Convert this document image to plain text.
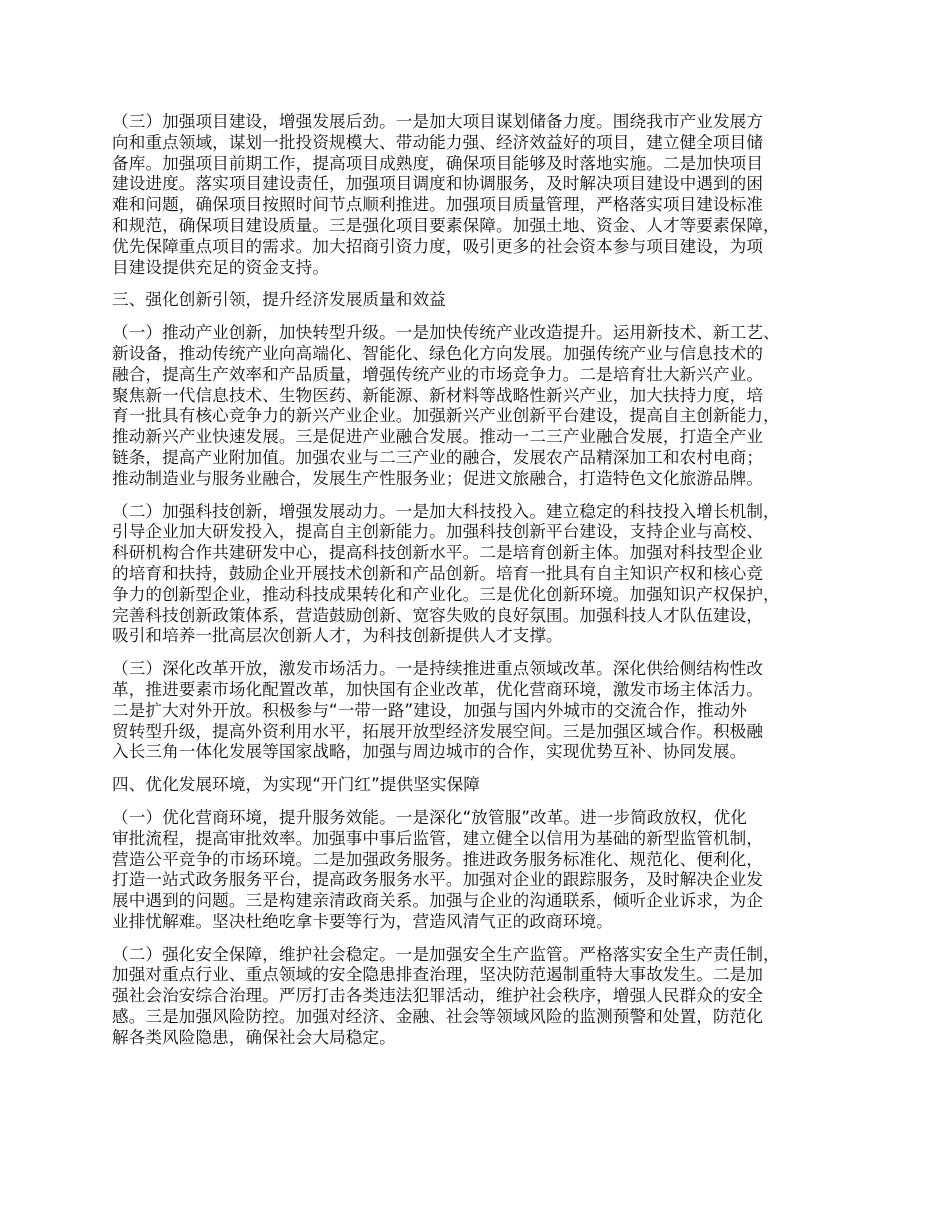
（三）加强项目建设，增强发展后劲。一是加大项目谋划储备力度。围绕我市产业发展方
向和重点领域，谋划一批投资规模大、带动能力强、经济效益好的项目，建立健全项目储
备库。加强项目前期工作，提高项目成熟度，确保项目能够及时落地实施。二是加快项目
建设进度。落实项目建设责任，加强项目调度和协调服务，及时解决项目建设中遇到的困
难和问题，确保项目按照时间节点顺利推进。加强项目质量管理，严格落实项目建设标准
和规范，确保项目建设质量。三是强化项目要素保障。加强土地、资金、人才等要素保障，
优先保障重点项目的需求。加大招商引资力度，吸引更多的社会资本参与项目建设，为项
目建设提供充足的资金支持。

三、强化创新引领，提升经济发展质量和效益

（一）推动产业创新，加快转型升级。一是加快传统产业改造提升。运用新技术、新工艺、
新设备，推动传统产业向高端化、智能化、绿色化方向发展。加强传统产业与信息技术的
融合，提高生产效率和产品质量，增强传统产业的市场竞争力。二是培育壮大新兴产业。
聚焦新一代信息技术、生物医药、新能源、新材料等战略性新兴产业，加大扶持力度，培
育一批具有核心竞争力的新兴产业企业。加强新兴产业创新平台建设，提高自主创新能力，
推动新兴产业快速发展。三是促进产业融合发展。推动一二三产业融合发展，打造全产业
链条，提高产业附加值。加强农业与二三产业的融合，发展农产品精深加工和农村电商；
推动制造业与服务业融合，发展生产性服务业；促进文旅融合，打造特色文化旅游品牌。

（二）加强科技创新，增强发展动力。一是加大科技投入。建立稳定的科技投入增长机制，
引导企业加大研发投入，提高自主创新能力。加强科技创新平台建设，支持企业与高校、
科研机构合作共建研发中心，提高科技创新水平。二是培育创新主体。加强对科技型企业
的培育和扶持，鼓励企业开展技术创新和产品创新。培育一批具有自主知识产权和核心竞
争力的创新型企业，推动科技成果转化和产业化。三是优化创新环境。加强知识产权保护，
完善科技创新政策体系，营造鼓励创新、宽容失败的良好氛围。加强科技人才队伍建设，
吸引和培养一批高层次创新人才，为科技创新提供人才支撑。

（三）深化改革开放，激发市场活力。一是持续推进重点领域改革。深化供给侧结构性改
革，推进要素市场化配置改革，加快国有企业改革，优化营商环境，激发市场主体活力。
二是扩大对外开放。积极参与“一带一路”建设，加强与国内外城市的交流合作，推动外
贸转型升级，提高外资利用水平，拓展开放型经济发展空间。三是加强区域合作。积极融
入长三角一体化发展等国家战略，加强与周边城市的合作，实现优势互补、协同发展。

四、优化发展环境，为实现“开门红”提供坚实保障

（一）优化营商环境，提升服务效能。一是深化“放管服”改革。进一步简政放权，优化
审批流程，提高审批效率。加强事中事后监管，建立健全以信用为基础的新型监管机制，
营造公平竞争的市场环境。二是加强政务服务。推进政务服务标准化、规范化、便利化，
打造一站式政务服务平台，提高政务服务水平。加强对企业的跟踪服务，及时解决企业发
展中遇到的问题。三是构建亲清政商关系。加强与企业的沟通联系，倾听企业诉求，为企
业排忧解难。坚决杜绝吃拿卡要等行为，营造风清气正的政商环境。

（二）强化安全保障，维护社会稳定。一是加强安全生产监管。严格落实安全生产责任制，
加强对重点行业、重点领域的安全隐患排查治理，坚决防范遏制重特大事故发生。二是加
强社会治安综合治理。严厉打击各类违法犯罪活动，维护社会秩序，增强人民群众的安全
感。三是加强风险防控。加强对经济、金融、社会等领域风险的监测预警和处置，防范化
解各类风险隐患，确保社会大局稳定。
